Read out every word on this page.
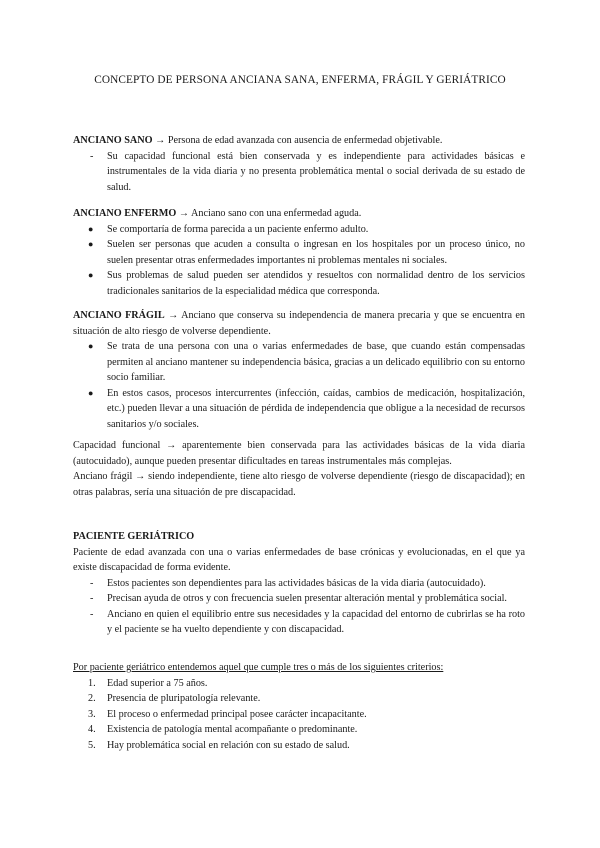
CONCEPTO DE PERSONA ANCIANA SANA, ENFERMA, FRÁGIL Y GERIÁTRICO

ANCIANO SANO → Persona de edad avanzada con ausencia de enfermedad objetivable.

- Su capacidad funcional está bien conservada y es independiente para actividades básicas e instrumentales de la vida diaria y no presenta problemática mental o social derivada de su estado de salud.

ANCIANO ENFERMO → Anciano sano con una enfermedad aguda.

● Se comportaría de forma parecida a un paciente enfermo adulto.
● Suelen ser personas que acuden a consulta o ingresan en los hospitales por un proceso único, no suelen presentar otras enfermedades importantes ni problemas mentales ni sociales.
● Sus problemas de salud pueden ser atendidos y resueltos con normalidad dentro de los servicios tradicionales sanitarios de la especialidad médica que corresponda.

ANCIANO FRÁGIL → Anciano que conserva su independencia de manera precaria y que se encuentra en situación de alto riesgo de volverse dependiente.

● Se trata de una persona con una o varias enfermedades de base, que cuando están compensadas permiten al anciano mantener su independencia básica, gracias a un delicado equilibrio con su entorno socio familiar.
● En estos casos, procesos intercurrentes (infección, caídas, cambios de medicación, hospitalización, etc.) pueden llevar a una situación de pérdida de independencia que obligue a la necesidad de recursos sanitarios y/o sociales.

Capacidad funcional → aparentemente bien conservada para las actividades básicas de la vida diaria (autocuidado), aunque pueden presentar dificultades en tareas instrumentales más complejas.

Anciano frágil → siendo independiente, tiene alto riesgo de volverse dependiente (riesgo de discapacidad); en otras palabras, sería una situación de pre discapacidad.

PACIENTE GERIÁTRICO

Paciente de edad avanzada con una o varias enfermedades de base crónicas y evolucionadas, en el que ya existe discapacidad de forma evidente.

- Estos pacientes son dependientes para las actividades básicas de la vida diaria (autocuidado).
- Precisan ayuda de otros y con frecuencia suelen presentar alteración mental y problemática social.
- Anciano en quien el equilibrio entre sus necesidades y la capacidad del entorno de cubrirlas se ha roto y el paciente se ha vuelto dependiente y con discapacidad.

Por paciente geriátrico entendemos aquel que cumple tres o más de los siguientes criterios:

1. Edad superior a 75 años.
2. Presencia de pluripatología relevante.
3. El proceso o enfermedad principal posee carácter incapacitante.
4. Existencia de patología mental acompañante o predominante.
5. Hay problemática social en relación con su estado de salud.
